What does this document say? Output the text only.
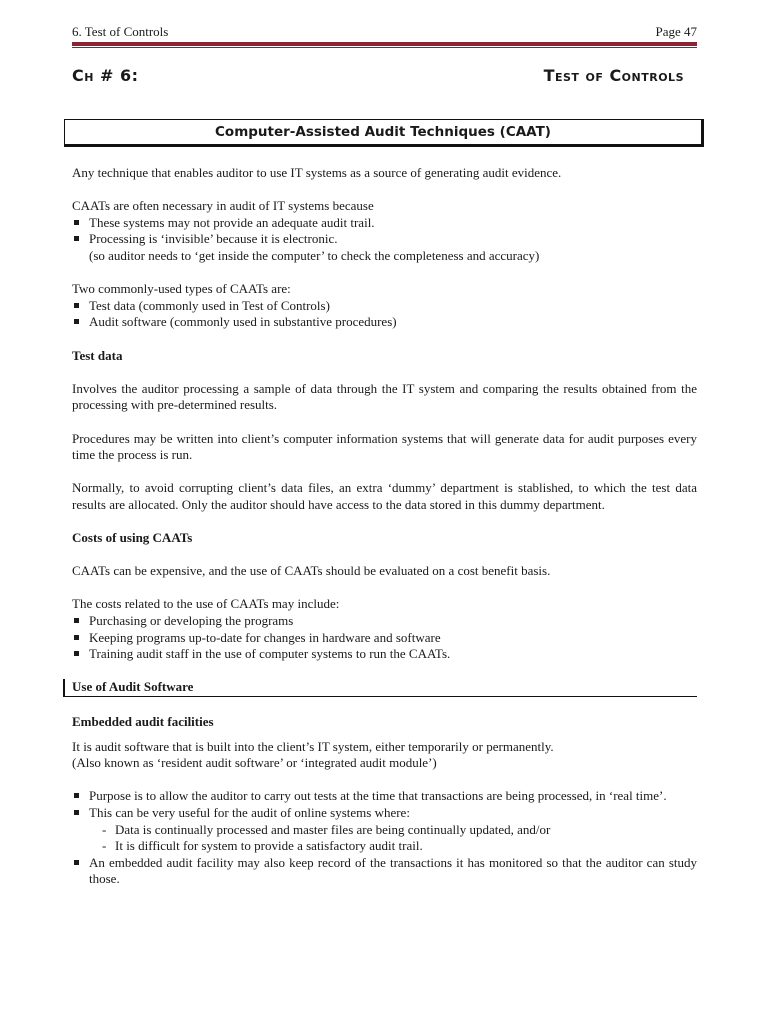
6. Test of Controls	Page 47
Ch # 6:	Test of Controls
Computer-Assisted Audit Techniques (CAAT)

Any technique that enables auditor to use IT systems as a source of generating audit evidence.

CAATs are often necessary in audit of IT systems because

These systems may not provide an adequate audit trail.
Processing is ‘invisible’ because it is electronic.

(so auditor needs to ‘get inside the computer’ to check the completeness and accuracy)

Two commonly-used types of CAATs are:

Test data (commonly used in Test of Controls)
Audit software (commonly used in substantive procedures)

Test data

Involves the auditor processing a sample of data through the IT system and comparing the results obtained from the processing with pre-determined results.

Procedures may be written into client’s computer information systems that will generate data for audit purposes every time the process is run.

Normally, to avoid corrupting client’s data files, an extra ‘dummy’ department is stablished, to which the test data results are allocated. Only the auditor should have access to the data stored in this dummy department.

Costs of using CAATs

CAATs can be expensive, and the use of CAATs should be evaluated on a cost benefit basis.

The costs related to the use of CAATs may include:

Purchasing or developing the programs
Keeping programs up-to-date for changes in hardware and software
Training audit staff in the use of computer systems to run the CAATs.
Use of Audit Software

Embedded audit facilities

It is audit software that is built into the client’s IT system, either temporarily or permanently.

(Also known as ‘resident audit software’ or ‘integrated audit module’)

Purpose is to allow the auditor to carry out tests at the time that transactions are being processed, in ‘real time’.
This can be very useful for the audit of online systems where:
- Data is continually processed and master files are being continually updated, and/or
- It is difficult for system to provide a satisfactory audit trail.
An embedded audit facility may also keep record of the transactions it has monitored so that the auditor can study those.
